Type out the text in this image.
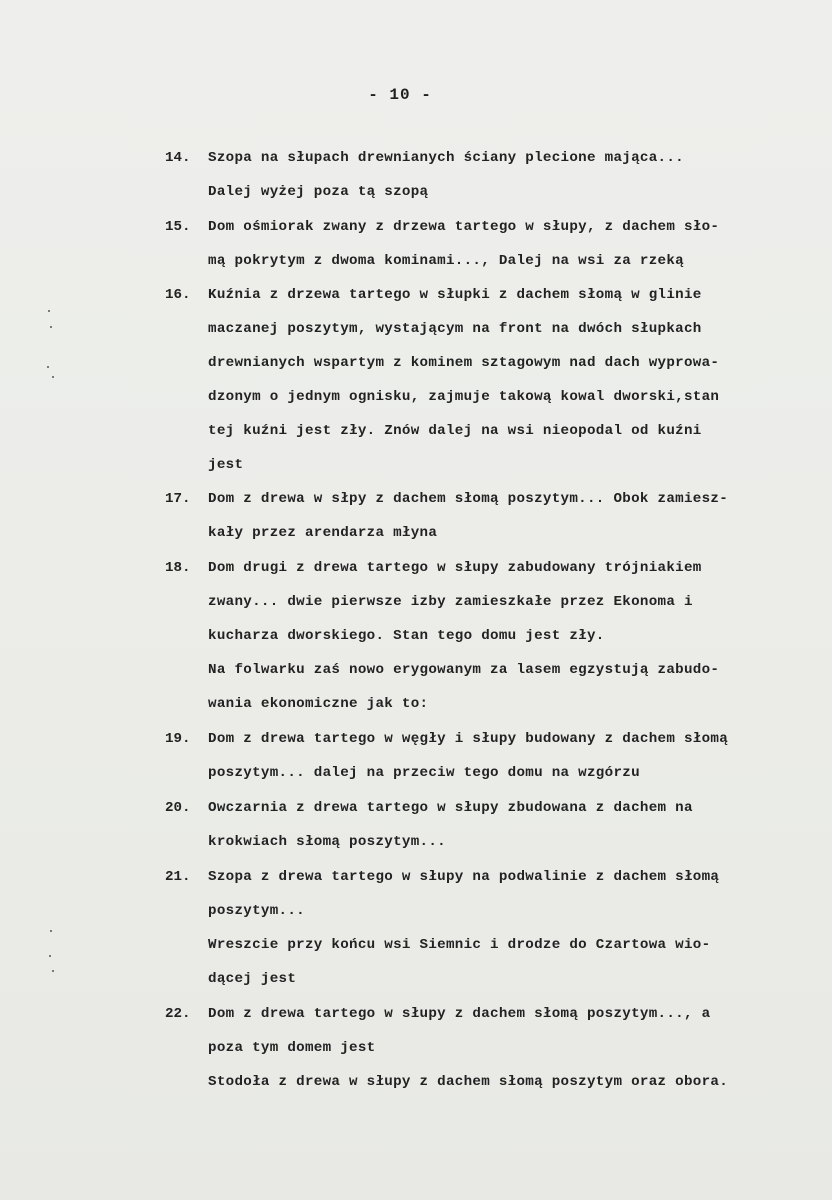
- 10 -
14. Szopa na słupach drewnianych ściany plecione mająca...
Dalej wyżej poza tą szopą
15. Dom ośmiorak zwany z drzewa tartego w słupy, z dachem sło-
mą pokrytym z dwoma kominami..., Dalej na wsi za rzeką
16. Kuźnia z drzewa tartego w słupki z dachem słomą w glinie
maczanej poszytym, wystającym na front na dwóch słupkach
drewnianych wspartym z kominem sztagowym nad dach wyprowa-
dzonym o jednym ognisku, zajmuje takową kowal dworski,stan
tej kuźni jest zły. Znów dalej na wsi nieopodal od kuźni
jest
17. Dom z drewa w słpy z dachem słomą poszytym... Obok zamiesz-
kały przez arendarza młyna
18. Dom drugi z drewa tartego w słupy zabudowany trójniakiem
zwany... dwie pierwsze izby zamieszkałe przez Ekonoma i
kucharza dworskiego. Stan tego domu jest zły.
Na folwarku zaś nowo erygowanym za lasem egzystują zabudo-
wania ekonomiczne jak to:
19. Dom z drewa tartego w węgły i słupy budowany z dachem słomą
poszytym... dalej na przeciw tego domu na wzgórzu
20. Owczarnia z drewa tartego w słupy zbudowana z dachem na
krokwiach słomą poszytym...
21. Szopa z drewa tartego w słupy na podwalinie z dachem słomą
poszytym...
Wreszcie przy końcu wsi Siemnic i drodze do Czartowa wio-
dącej jest
22. Dom z drewa tartego w słupy z dachem słomą poszytym..., a
poza tym domem jest
Stodoła z drewa w słupy z dachem słomą poszytym oraz obora.
